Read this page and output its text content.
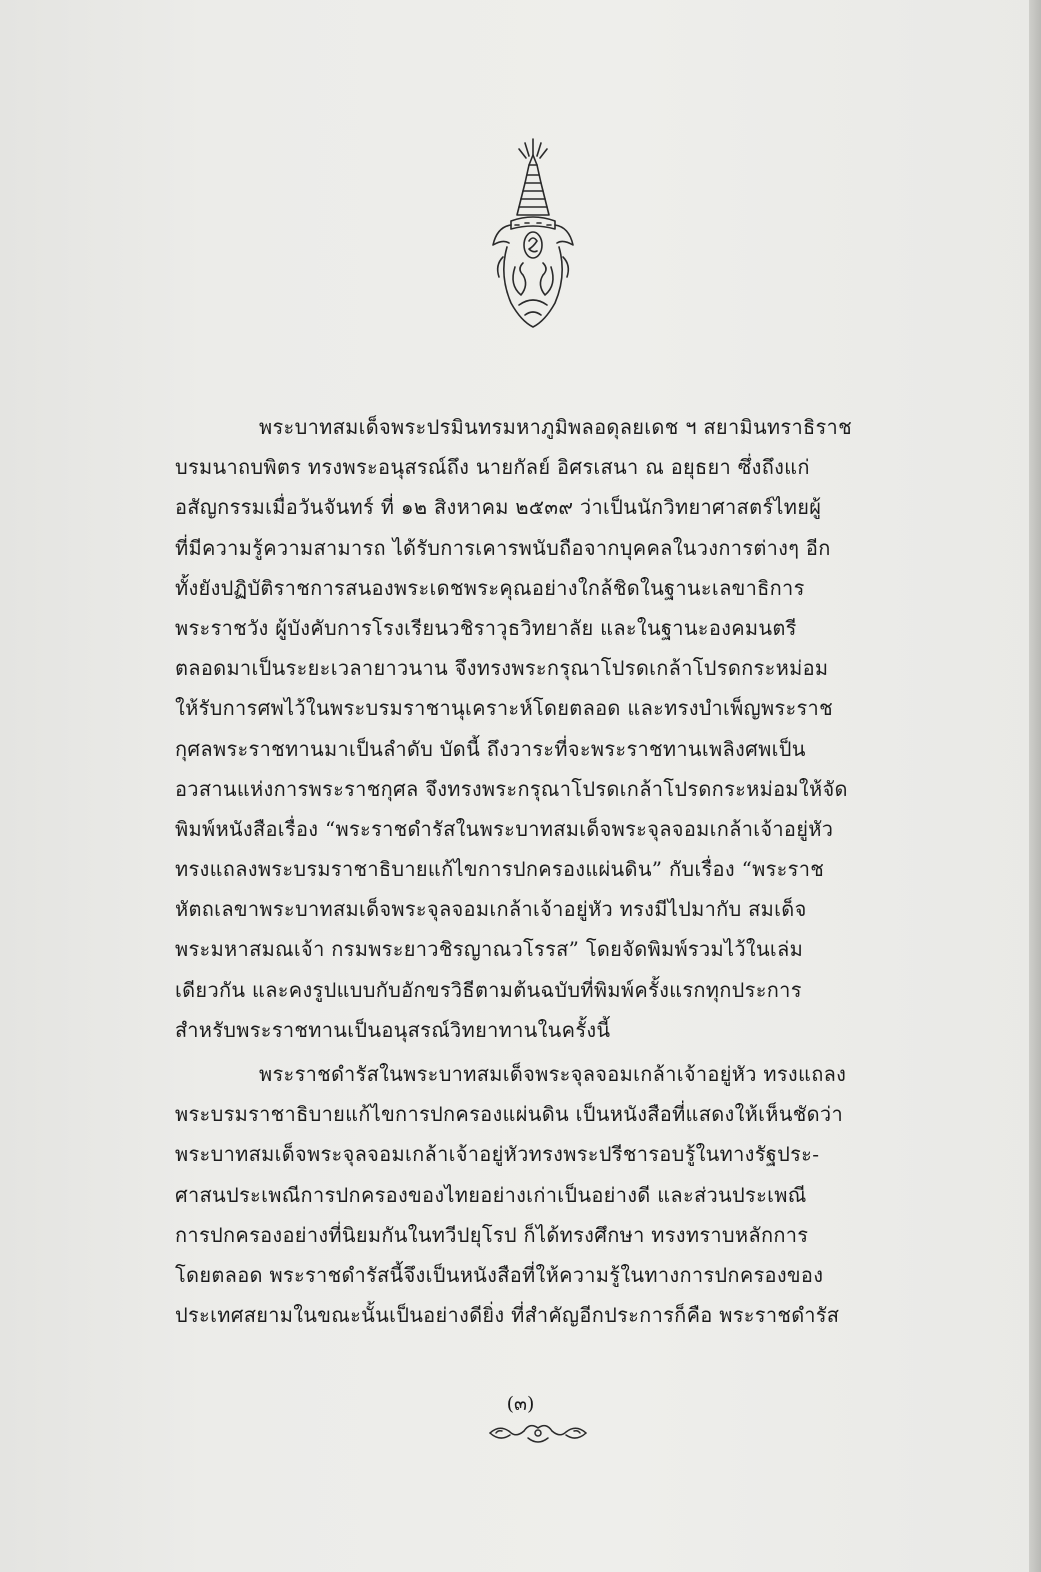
พระบาทสมเด็จพระปรมินทรมหาภูมิพลอดุลยเดช ฯ สยามินทราธิราช
บรมนาถบพิตร ทรงพระอนุสรณ์ถึง นายกัลย์ อิศรเสนา ณ อยุธยา ซึ่งถึงแก่
อสัญกรรมเมื่อวันจันทร์ ที่ ๑๒ สิงหาคม ๒๕๓๙ ว่าเป็นนักวิทยาศาสตร์ไทยผู้
ที่มีความรู้ความสามารถ ได้รับการเคารพนับถือจากบุคคลในวงการต่างๆ อีก
ทั้งยังปฏิบัติราชการสนองพระเดชพระคุณอย่างใกล้ชิดในฐานะเลขาธิการ
พระราชวัง ผู้บังคับการโรงเรียนวชิราวุธวิทยาลัย และในฐานะองคมนตรี
ตลอดมาเป็นระยะเวลายาวนาน จึงทรงพระกรุณาโปรดเกล้าโปรดกระหม่อม
ให้รับการศพไว้ในพระบรมราชานุเคราะห์โดยตลอด และทรงบำเพ็ญพระราช
กุศลพระราชทานมาเป็นลำดับ บัดนี้ ถึงวาระที่จะพระราชทานเพลิงศพเป็น
อวสานแห่งการพระราชกุศล จึงทรงพระกรุณาโปรดเกล้าโปรดกระหม่อมให้จัด
พิมพ์หนังสือเรื่อง “พระราชดำรัสในพระบาทสมเด็จพระจุลจอมเกล้าเจ้าอยู่หัว
ทรงแถลงพระบรมราชาธิบายแก้ไขการปกครองแผ่นดิน” กับเรื่อง “พระราช
หัตถเลขาพระบาทสมเด็จพระจุลจอมเกล้าเจ้าอยู่หัว ทรงมีไปมากับ สมเด็จ
พระมหาสมณเจ้า กรมพระยาวชิรญาณวโรรส” โดยจัดพิมพ์รวมไว้ในเล่ม
เดียวกัน และคงรูปแบบกับอักขรวิธีตามต้นฉบับที่พิมพ์ครั้งแรกทุกประการ
สำหรับพระราชทานเป็นอนุสรณ์วิทยาทานในครั้งนี้
พระราชดำรัสในพระบาทสมเด็จพระจุลจอมเกล้าเจ้าอยู่หัว ทรงแถลง
พระบรมราชาธิบายแก้ไขการปกครองแผ่นดิน เป็นหนังสือที่แสดงให้เห็นชัดว่า
พระบาทสมเด็จพระจุลจอมเกล้าเจ้าอยู่หัวทรงพระปรีชารอบรู้ในทางรัฐประ-
ศาสนประเพณีการปกครองของไทยอย่างเก่าเป็นอย่างดี และส่วนประเพณี
การปกครองอย่างที่นิยมกันในทวีปยุโรป ก็ได้ทรงศึกษา ทรงทราบหลักการ
โดยตลอด พระราชดำรัสนี้จึงเป็นหนังสือที่ให้ความรู้ในทางการปกครองของ
ประเทศสยามในขณะนั้นเป็นอย่างดียิ่ง ที่สำคัญอีกประการก็คือ พระราชดำรัส
(๓)
